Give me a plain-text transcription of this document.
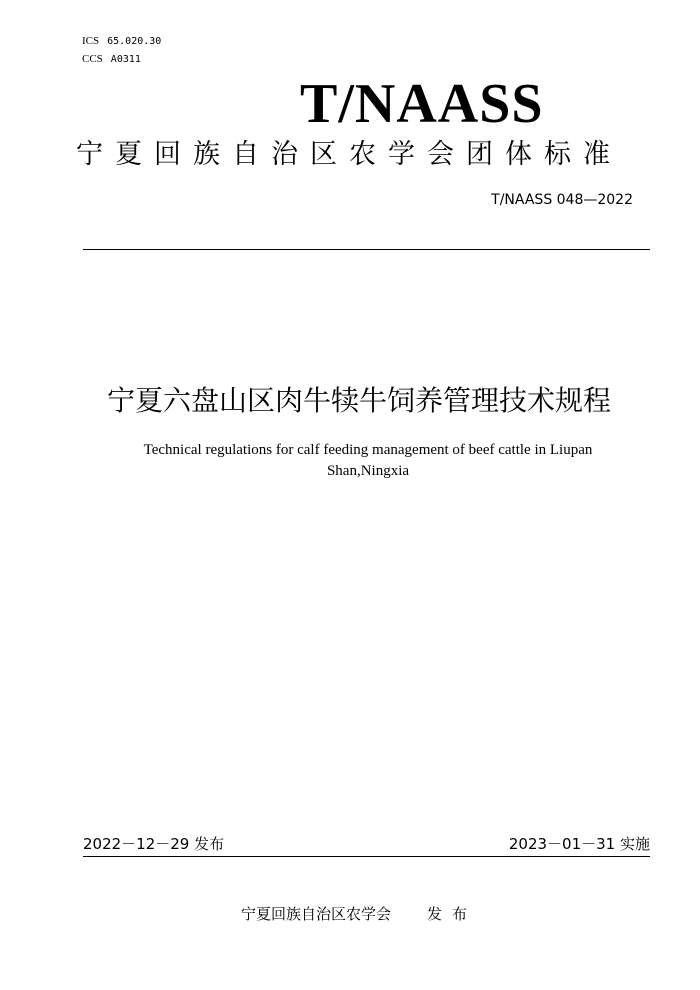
ICS 65.020.30
CCS A0311
T/NAASS
宁夏回族自治区农学会团体标准
T/NAASS 048—2022
宁夏六盘山区肉牛犊牛饲养管理技术规程
Technical regulations for calf feeding management of beef cattle in Liupan Shan,Ningxia
2022－12－29 发布	2023－01－31 实施
宁夏回族自治区农学会 发布
